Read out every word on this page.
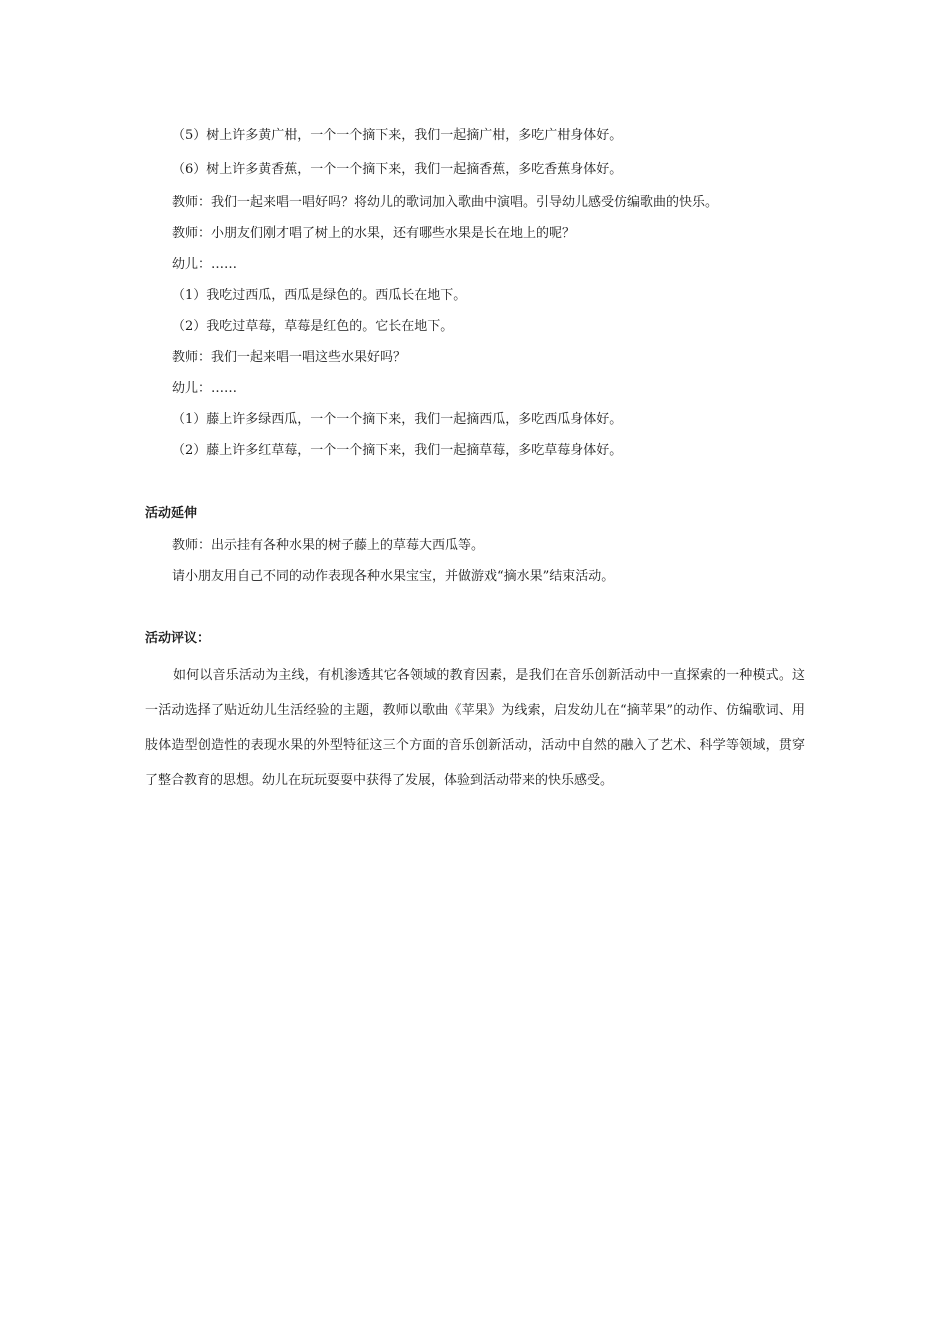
（5）树上许多黄广柑，一个一个摘下来，我们一起摘广柑，多吃广柑身体好。
（6）树上许多黄香蕉，一个一个摘下来，我们一起摘香蕉，多吃香蕉身体好。
教师：我们一起来唱一唱好吗？将幼儿的歌词加入歌曲中演唱。引导幼儿感受仿编歌曲的快乐。
教师：小朋友们刚才唱了树上的水果，还有哪些水果是长在地上的呢？
幼儿：……
（1）我吃过西瓜，西瓜是绿色的。西瓜长在地下。
（2）我吃过草莓，草莓是红色的。它长在地下。
教师：我们一起来唱一唱这些水果好吗？
幼儿：……
（1）藤上许多绿西瓜，一个一个摘下来，我们一起摘西瓜，多吃西瓜身体好。
（2）藤上许多红草莓，一个一个摘下来，我们一起摘草莓，多吃草莓身体好。
活动延伸
教师：出示挂有各种水果的树子藤上的草莓大西瓜等。
请小朋友用自己不同的动作表现各种水果宝宝，并做游戏“摘水果”结束活动。
活动评议：

如何以音乐活动为主线，有机渗透其它各领域的教育因素，是我们在音乐创新活动中一直探索的一种模式。这一活动选择了贴近幼儿生活经验的主题，教师以歌曲《苹果》为线索，启发幼儿在“摘苹果”的动作、仿编歌词、用肢体造型创造性的表现水果的外型特征这三个方面的音乐创新活动，活动中自然的融入了艺术、科学等领域，贯穿了整合教育的思想。幼儿在玩玩耍耍中获得了发展，体验到活动带来的快乐感受。
